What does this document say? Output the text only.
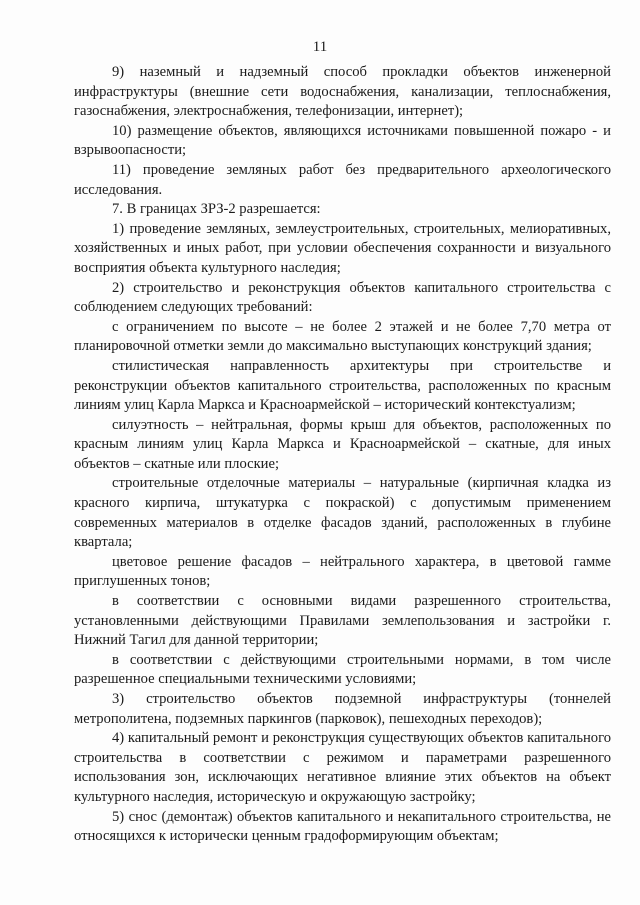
11

9) наземный и надземный способ прокладки объектов инженерной инфраструктуры (внешние сети водоснабжения, канализации, теплоснабжения, газоснабжения, электроснабжения, телефонизации, интернет);

10) размещение объектов, являющихся источниками повышенной пожаро - и взрывоопасности;

11) проведение земляных работ без предварительного археологического исследования.

7. В границах ЗРЗ-2 разрешается:

1) проведение земляных, землеустроительных, строительных, мелиоративных, хозяйственных и иных работ, при условии обеспечения сохранности и визуального восприятия объекта культурного наследия;

2) строительство и реконструкция объектов капитального строительства с соблюдением следующих требований:

с ограничением по высоте – не более 2 этажей и не более 7,70 метра от планировочной отметки земли до максимально выступающих конструкций здания;

стилистическая направленность архитектуры при строительстве и реконструкции объектов капитального строительства, расположенных по красным линиям улиц Карла Маркса и Красноармейской – исторический контекстуализм;

силуэтность – нейтральная, формы крыш для объектов, расположенных по красным линиям улиц Карла Маркса и Красноармейской – скатные, для иных объектов – скатные или плоские;

строительные отделочные материалы – натуральные (кирпичная кладка из красного кирпича, штукатурка с покраской) с допустимым применением современных материалов в отделке фасадов зданий, расположенных в глубине квартала;

цветовое решение фасадов – нейтрального характера, в цветовой гамме приглушенных тонов;

в соответствии с основными видами разрешенного строительства, установленными действующими Правилами землепользования и застройки г. Нижний Тагил для данной территории;

в соответствии с действующими строительными нормами, в том числе разрешенное специальными техническими условиями;

3) строительство объектов подземной инфраструктуры (тоннелей метрополитена, подземных паркингов (парковок), пешеходных переходов);

4) капитальный ремонт и реконструкция существующих объектов капитального строительства в соответствии с режимом и параметрами разрешенного использования зон, исключающих негативное влияние этих объектов на объект культурного наследия, историческую и окружающую застройку;

5) снос (демонтаж) объектов капитального и некапитального строительства, не относящихся к исторически ценным градоформирующим объектам;
